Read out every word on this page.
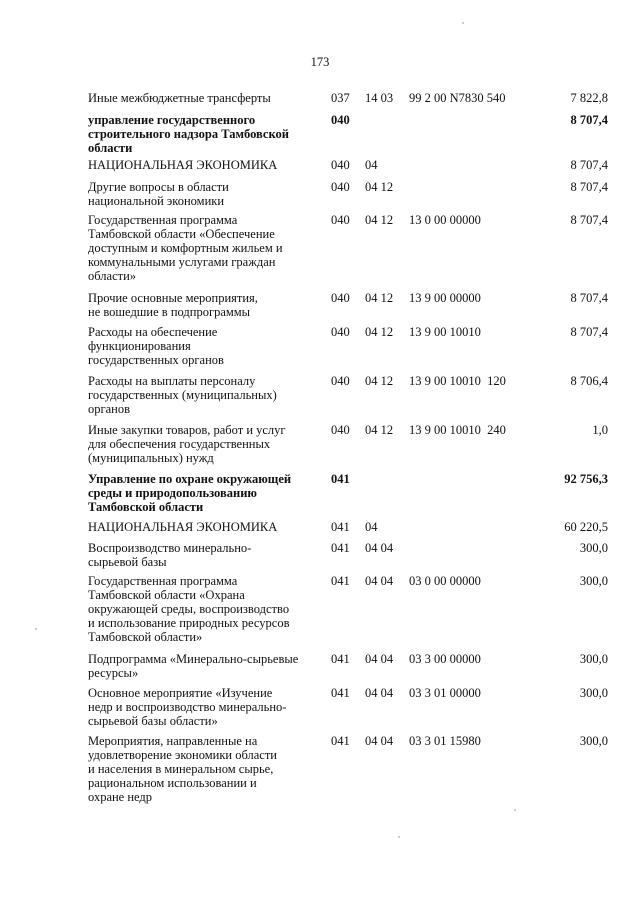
173
Иные межбюджетные трансферты	037 14 03 99 2 00 N7830 540	7 822,8
управление государственного
строительного надзора Тамбовской
области
040	8 707,4
НАЦИОНАЛЬНАЯ ЭКОНОМИКА	040 04	8 707,4
Другие вопросы в области
национальной экономики
040 04 12	8 707,4
Государственная программа
Тамбовской области «Обеспечение
доступным и комфортным жильем и
коммунальными услугами граждан
области»
040 04 12 13 0 00 00000	8 707,4
Прочие основные мероприятия,
не вошедшие в подпрограммы
040 04 12 13 9 00 00000	8 707,4
Расходы на обеспечение
функционирования
государственных органов
040 04 12 13 9 00 10010	8 707,4
Расходы на выплаты персоналу
государственных (муниципальных)
органов
040 04 12 13 9 00 10010  120	8 706,4
Иные закупки товаров, работ и услуг
для обеспечения государственных
(муниципальных) нужд
040 04 12 13 9 00 10010  240	1,0
Управление по охране окружающей
среды и природопользованию
Тамбовской области
041	92 756,3
НАЦИОНАЛЬНАЯ ЭКОНОМИКА	041 04	60 220,5
Воспроизводство минерально-
сырьевой базы
041 04 04	300,0
Государственная программа
Тамбовской области «Охрана
окружающей среды, воспроизводство
и использование природных ресурсов
Тамбовской области»
041 04 04 03 0 00 00000	300,0
Подпрограмма «Минерально-сырьевые
ресурсы»
041 04 04 03 3 00 00000	300,0
Основное мероприятие «Изучение
недр и воспроизводство минерально-
сырьевой базы области»
041 04 04 03 3 01 00000	300,0
Мероприятия, направленные на
удовлетворение экономики области
и населения в минеральном сырье,
рациональном использовании и
охране недр
041 04 04 03 3 01 15980	300,0
